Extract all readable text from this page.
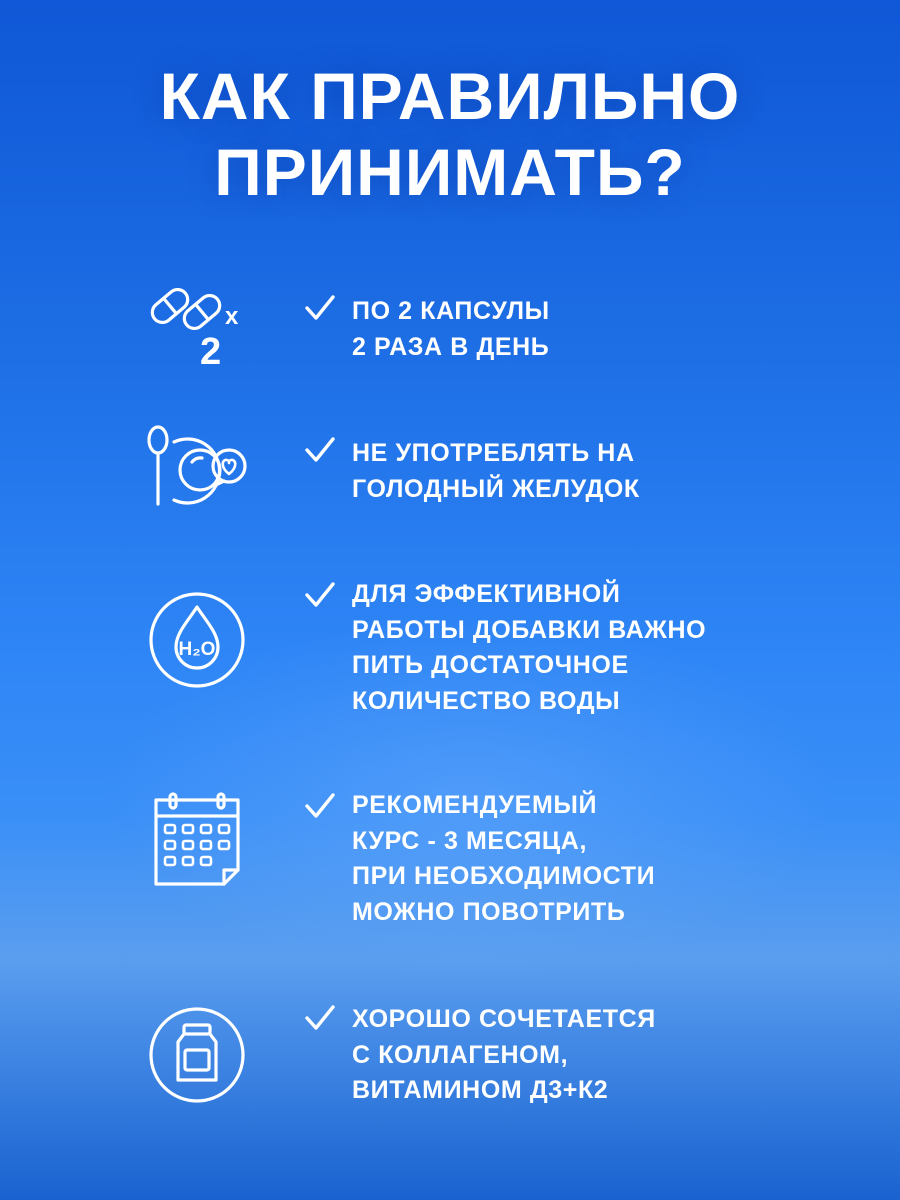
КАК ПРАВИЛЬНО
ПРИНИМАТЬ?
x
2
ПО 2 КАПСУЛЫ
2 РАЗА В ДЕНЬ
НЕ УПОТРЕБЛЯТЬ НА
ГОЛОДНЫЙ ЖЕЛУДОК
H₂O
ДЛЯ ЭФФЕКТИВНОЙ
РАБОТЫ ДОБАВКИ ВАЖНО
ПИТЬ ДОСТАТОЧНОЕ
КОЛИЧЕСТВО ВОДЫ
РЕКОМЕНДУЕМЫЙ
КУРС - 3 МЕСЯЦА,
ПРИ НЕОБХОДИМОСТИ
МОЖНО ПОВОТРИТЬ
ХОРОШО СОЧЕТАЕТСЯ
С КОЛЛАГЕНОМ,
ВИТАМИНОМ Д3+К2
